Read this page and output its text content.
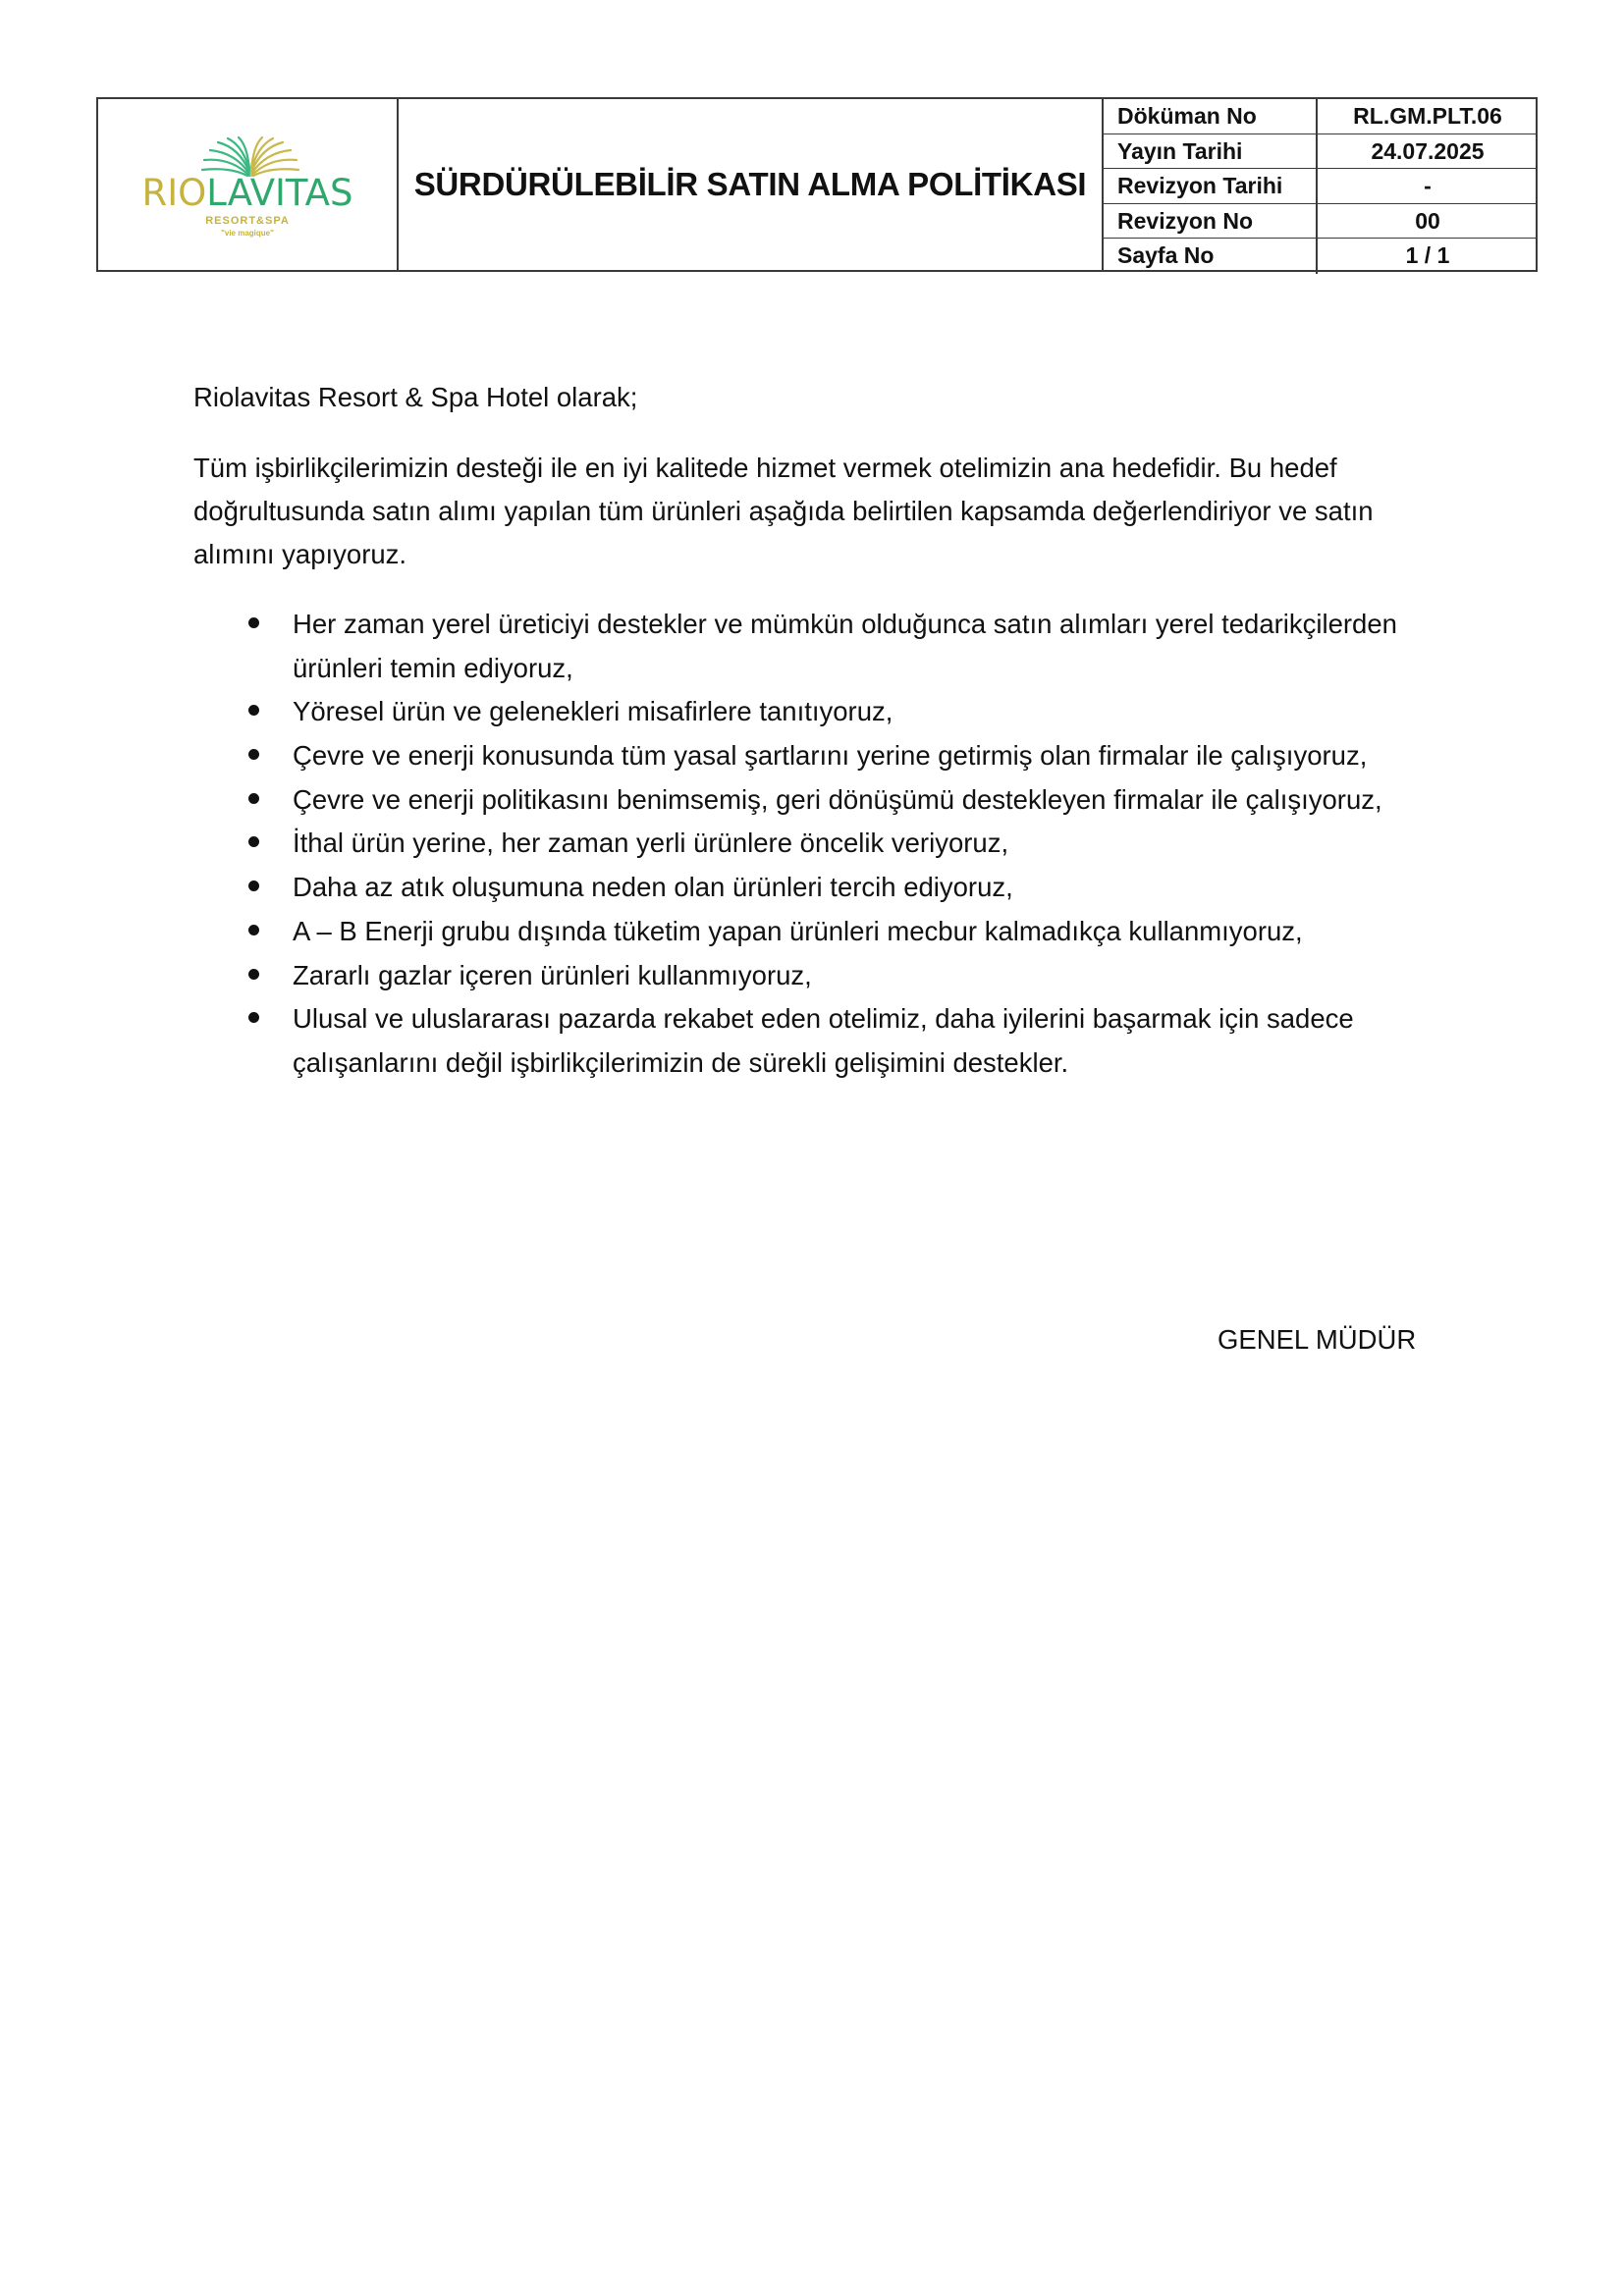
RIOLAVITAS
RESORT&SPA
"vie magique"
SÜRDÜRÜLEBİLİR SATIN ALMA POLİTİKASI
Döküman No	RL.GM.PLT.06
Yayın Tarihi	24.07.2025
Revizyon Tarihi	-
Revizyon No	00
Sayfa No	1 / 1
Riolavitas Resort & Spa Hotel olarak;
Tüm işbirlikçilerimizin desteği ile en iyi kalitede hizmet vermek otelimizin ana hedefidir. Bu hedef
doğrultusunda satın alımı yapılan tüm ürünleri aşağıda belirtilen kapsamda değerlendiriyor ve satın
alımını yapıyoruz.
Her zaman yerel üreticiyi destekler ve mümkün olduğunca satın alımları yerel tedarikçilerden
ürünleri temin ediyoruz,
Yöresel ürün ve gelenekleri misafirlere tanıtıyoruz,
Çevre ve enerji konusunda tüm yasal şartlarını yerine getirmiş olan firmalar ile çalışıyoruz,
Çevre ve enerji politikasını benimsemiş, geri dönüşümü destekleyen firmalar ile çalışıyoruz,
İthal ürün yerine, her zaman yerli ürünlere öncelik veriyoruz,
Daha az atık oluşumuna neden olan ürünleri tercih ediyoruz,
A – B Enerji grubu dışında tüketim yapan ürünleri mecbur kalmadıkça kullanmıyoruz,
Zararlı gazlar içeren ürünleri kullanmıyoruz,
Ulusal ve uluslararası pazarda rekabet eden otelimiz, daha iyilerini başarmak için sadece
çalışanlarını değil işbirlikçilerimizin de sürekli gelişimini destekler.
GENEL MÜDÜR
